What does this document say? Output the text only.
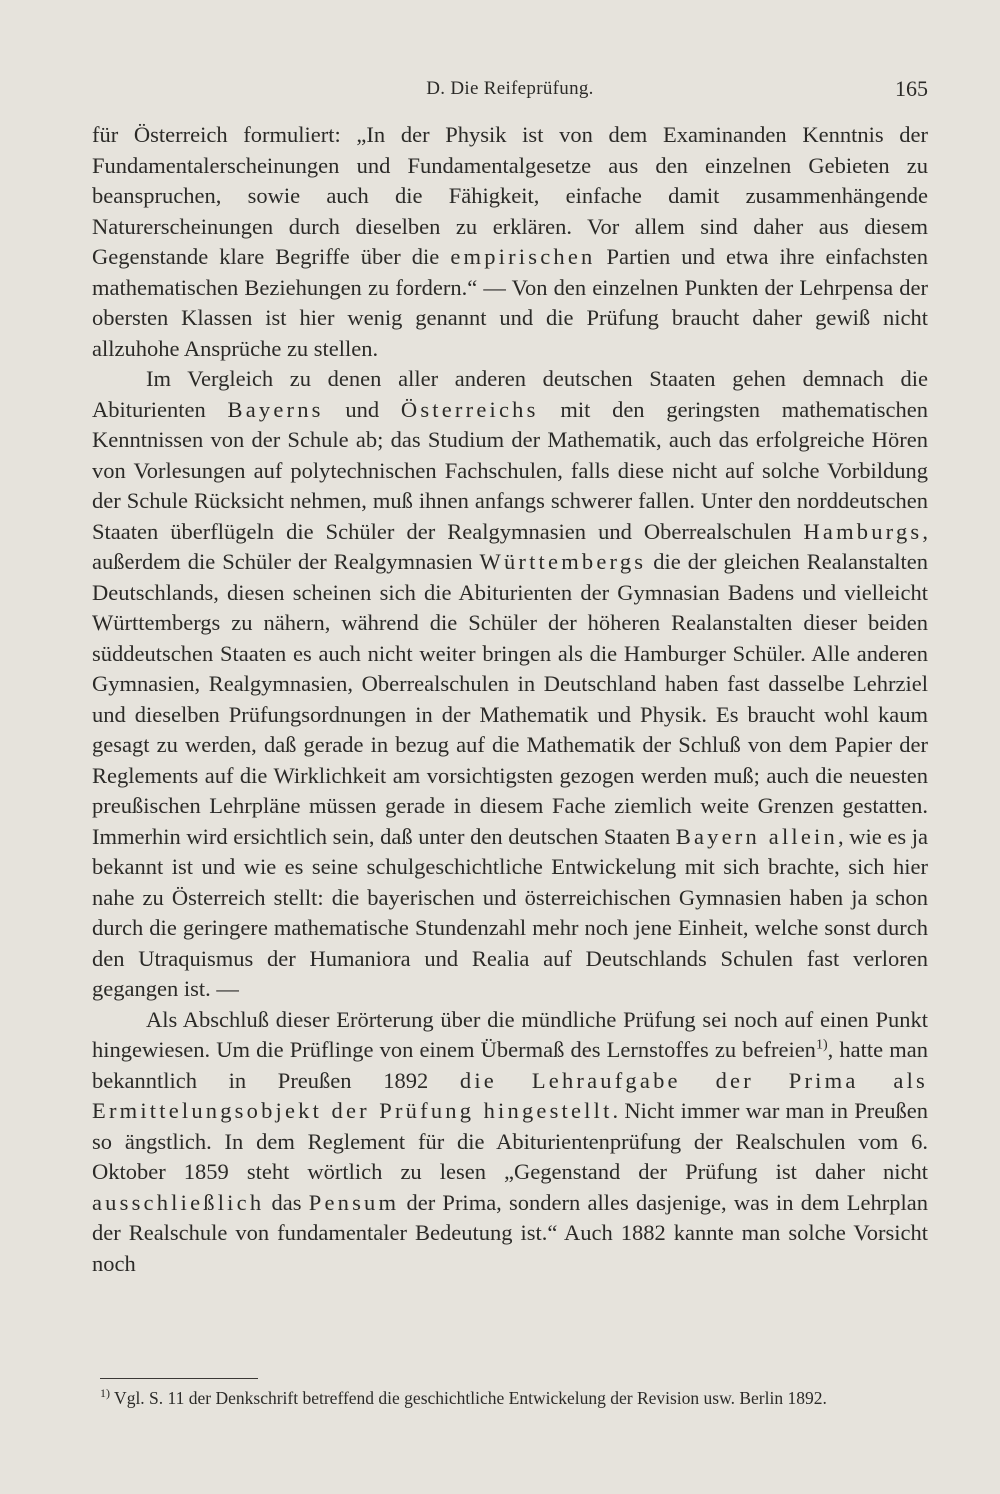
D. Die Reifeprüfung.	165

für Österreich formuliert: „In der Physik ist von dem Examinanden Kenntnis der Fundamentalerscheinungen und Fundamentalgesetze aus den einzelnen Gebieten zu beanspruchen, sowie auch die Fähigkeit, einfache damit zusammenhängende Naturerscheinungen durch dieselben zu erklären. Vor allem sind daher aus diesem Gegenstande klare Begriffe über die empirischen Partien und etwa ihre einfachsten mathematischen Beziehungen zu fordern.“ — Von den einzelnen Punkten der Lehrpensa der obersten Klassen ist hier wenig genannt und die Prüfung braucht daher gewiß nicht allzuhohe Ansprüche zu stellen.

Im Vergleich zu denen aller anderen deutschen Staaten gehen demnach die Abiturienten Bayerns und Österreichs mit den geringsten mathematischen Kenntnissen von der Schule ab; das Studium der Mathematik, auch das erfolgreiche Hören von Vorlesungen auf polytechnischen Fachschulen, falls diese nicht auf solche Vorbildung der Schule Rücksicht nehmen, muß ihnen anfangs schwerer fallen. Unter den norddeutschen Staaten überflügeln die Schüler der Realgymnasien und Oberrealschulen Hamburgs, außerdem die Schüler der Realgymnasien Württembergs die der gleichen Realanstalten Deutschlands, diesen scheinen sich die Abiturienten der Gymnasian Badens und vielleicht Württembergs zu nähern, während die Schüler der höheren Realanstalten dieser beiden süddeutschen Staaten es auch nicht weiter bringen als die Hamburger Schüler. Alle anderen Gymnasien, Realgymnasien, Oberrealschulen in Deutschland haben fast dasselbe Lehrziel und dieselben Prüfungsordnungen in der Mathematik und Physik. Es braucht wohl kaum gesagt zu werden, daß gerade in bezug auf die Mathematik der Schluß von dem Papier der Reglements auf die Wirklichkeit am vorsichtigsten gezogen werden muß; auch die neuesten preußischen Lehrpläne müssen gerade in diesem Fache ziemlich weite Grenzen gestatten. Immerhin wird ersichtlich sein, daß unter den deutschen Staaten Bayern allein, wie es ja bekannt ist und wie es seine schulgeschichtliche Entwickelung mit sich brachte, sich hier nahe zu Österreich stellt: die bayerischen und österreichischen Gymnasien haben ja schon durch die geringere mathematische Stundenzahl mehr noch jene Einheit, welche sonst durch den Utraquismus der Humaniora und Realia auf Deutschlands Schulen fast verloren gegangen ist. —

Als Abschluß dieser Erörterung über die mündliche Prüfung sei noch auf einen Punkt hingewiesen. Um die Prüflinge von einem Übermaß des Lernstoffes zu befreien$^{1)}$, hatte man bekanntlich in Preußen 1892 die Lehraufgabe der Prima als Ermittelungsobjekt der Prüfung hingestellt. Nicht immer war man in Preußen so ängstlich. In dem Reglement für die Abiturientenprüfung der Realschulen vom 6. Oktober 1859 steht wörtlich zu lesen „Gegenstand der Prüfung ist daher nicht ausschließlich das Pensum der Prima, sondern alles dasjenige, was in dem Lehrplan der Realschule von fundamentaler Bedeutung ist.“ Auch 1882 kannte man solche Vorsicht noch

$^{1)}$ Vgl. S. 11 der Denkschrift betreffend die geschichtliche Entwickelung der Revision usw. Berlin 1892.
